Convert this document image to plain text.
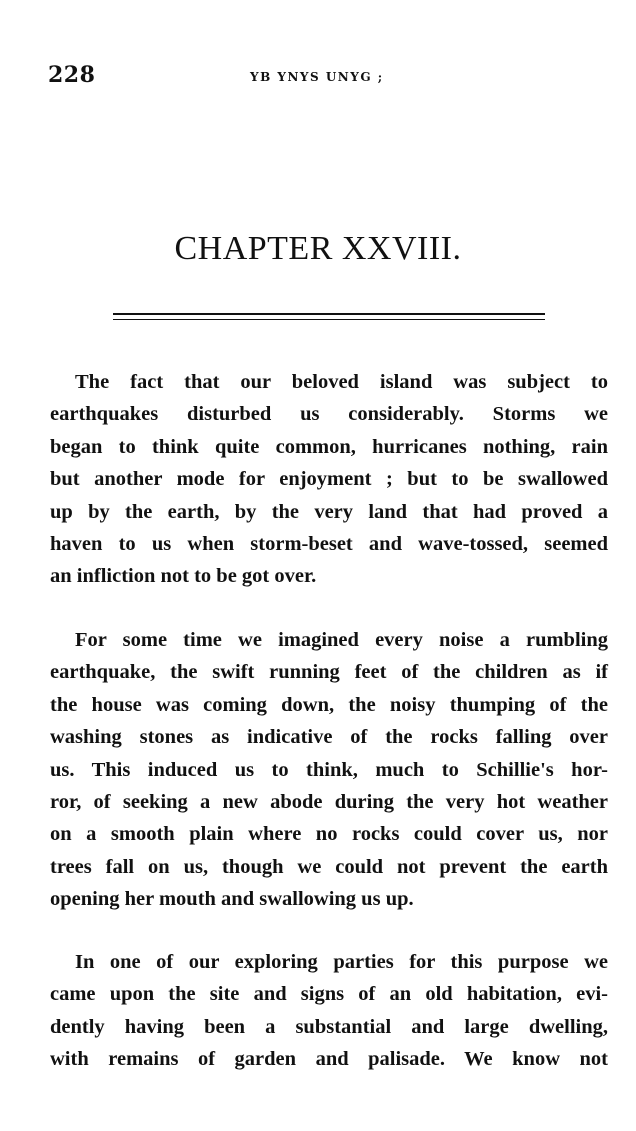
228	YB YNYS UNYG ;
CHAPTER XXVIII.

The fact that our beloved island was subject to
earthquakes disturbed us considerably. Storms we
began to think quite common, hurricanes nothing, rain
but another mode for enjoyment ; but to be swallowed
up by the earth, by the very land that had proved a
haven to us when storm-beset and wave-tossed, seemed
an infliction not to be got over.

For some time we imagined every noise a rumbling
earthquake, the swift running feet of the children as if
the house was coming down, the noisy thumping of the
washing stones as indicative of the rocks falling over
us. This induced us to think, much to Schillie's hor-
ror, of seeking a new abode during the very hot weather
on a smooth plain where no rocks could cover us, nor
trees fall on us, though we could not prevent the earth
opening her mouth and swallowing us up.

In one of our exploring parties for this purpose we
came upon the site and signs of an old habitation, evi-
dently having been a substantial and large dwelling,
with remains of garden and palisade. We know not
